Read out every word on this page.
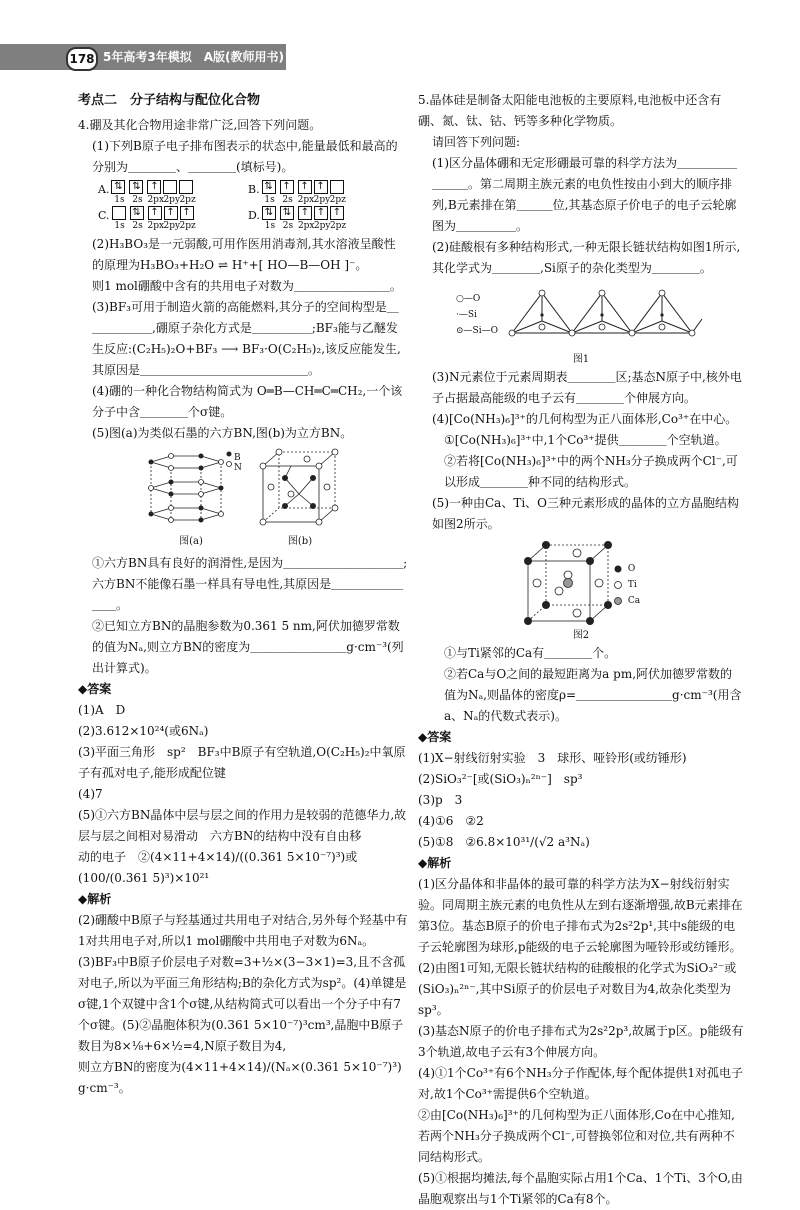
178 5年高考3年模拟　A版(教师用书)

考点二　分子结构与配位化合物

4.硼及其化合物用途非常广泛,回答下列问题。

(1)下列B原子电子排布图表示的状态中,能量最低和最高的分别为＿＿＿＿、＿＿＿＿(填标号)。

A. ⇅ ⇅ ↑
1s 2s 2px 2py 2pz
B. ⇅ ↑ ↑ ↑
1s 2s 2px 2py 2pz
C. ⇅ ↑ ↑ ↑
1s 2s 2px 2py 2pz
D. ⇅ ⇅ ↑ ↑ ↑
1s 2s 2px 2py 2pz

(2)H₃BO₃是一元弱酸,可用作医用消毒剂,其水溶液呈酸性

的原理为H₃BO₃+H₂O ⇌ H⁺+[ HO—B—OH ]⁻。

则1 mol硼酸中含有的共用电子对数为＿＿＿＿＿＿＿＿。

(3)BF₃可用于制造火箭的高能燃料,其分子的空间构型是＿＿＿＿＿＿,硼原子杂化方式是＿＿＿＿＿;BF₃能与乙醚发生反应:(C₂H₅)₂O+BF₃ ⟶ BF₃·O(C₂H₅)₂,该反应能发生,其原因是＿＿＿＿＿＿＿＿＿＿＿＿＿＿。

(4)硼的一种化合物结构简式为 O═B—CH═C═CH₂,一个该分子中含＿＿＿＿个σ键。

(5)图(a)为类似石墨的六方BN,图(b)为立方BN。

B
N
图(a)	图(b)

①六方BN具有良好的润滑性,是因为＿＿＿＿＿＿＿＿＿＿;六方BN不能像石墨一样具有导电性,其原因是＿＿＿＿＿＿＿＿。

②已知立方BN的晶胞参数为0.361 5 nm,阿伏加德罗常数的值为Nₐ,则立方BN的密度为＿＿＿＿＿＿＿＿g·cm⁻³(列出计算式)。

◆答案

(1)A　D

(2)3.612×10²⁴(或6Nₐ)

(3)平面三角形　sp²　BF₃中B原子有空轨道,O(C₂H₅)₂中氧原子有孤对电子,能形成配位键

(4)7

(5)①六方BN晶体中层与层之间的作用力是较弱的范德华力,故层与层之间相对易滑动　六方BN的结构中没有自由移

动的电子　②(4×11+4×14)/((0.361 5×10⁻⁷)³)或(100/(0.361 5)³)×10²¹

◆解析

(2)硼酸中B原子与羟基通过共用电子对结合,另外每个羟基中有1对共用电子对,所以1 mol硼酸中共用电子对数为6Nₐ。(3)BF₃中B原子价层电子对数=3+½×(3−3×1)=3,且不含孤对电子,所以为平面三角形结构;B的杂化方式为sp²。(4)单键是σ键,1个双键中含1个σ键,从结构简式可以看出一个分子中有7个σ键。(5)②晶胞体积为(0.361 5×10⁻⁷)³cm³,晶胞中B原子数目为8×⅛+6×½=4,N原子数目为4,

则立方BN的密度为(4×11+4×14)/(Nₐ×(0.361 5×10⁻⁷)³) g·cm⁻³。

5.晶体硅是制备太阳能电池板的主要原料,电池板中还含有硼、氮、钛、钴、钙等多种化学物质。

请回答下列问题:

(1)区分晶体硼和无定形硼最可靠的科学方法为＿＿＿＿＿＿＿＿。第二周期主族元素的电负性按由小到大的顺序排列,B元素排在第＿＿＿位,其基态原子价电子的电子云轮廓图为＿＿＿＿＿。

(2)硅酸根有多种结构形式,一种无限长链状结构如图1所示,其化学式为＿＿＿＿,Si原子的杂化类型为＿＿＿＿。

○—O
·—Si
⊙—Si—O
图1

(3)N元素位于元素周期表＿＿＿＿区;基态N原子中,核外电子占据最高能级的电子云有＿＿＿＿个伸展方向。

(4)[Co(NH₃)₆]³⁺的几何构型为正八面体形,Co³⁺在中心。

①[Co(NH₃)₆]³⁺中,1个Co³⁺提供＿＿＿＿个空轨道。

②若将[Co(NH₃)₆]³⁺中的两个NH₃分子换成两个Cl⁻,可以形成＿＿＿＿种不同的结构形式。

(5)一种由Ca、Ti、O三种元素形成的晶体的立方晶胞结构如图2所示。

O
Ti
Ca
图2

①与Ti紧邻的Ca有＿＿＿＿个。

②若Ca与O之间的最短距离为a pm,阿伏加德罗常数的值为Nₐ,则晶体的密度ρ=＿＿＿＿＿＿＿＿g·cm⁻³(用含a、Nₐ的代数式表示)。

◆答案

(1)X−射线衍射实验　3　球形、哑铃形(或纺锤形)

(2)SiO₃²⁻[或(SiO₃)ₙ²ⁿ⁻]　sp³

(3)p　3

(4)①6　②2

(5)①8　②6.8×10³¹/(√2 a³Nₐ)

◆解析

(1)区分晶体和非晶体的最可靠的科学方法为X−射线衍射实验。同周期主族元素的电负性从左到右逐渐增强,故B元素排在第3位。基态B原子的价电子排布式为2s²2p¹,其中s能级的电子云轮廓图为球形,p能级的电子云轮廓图为哑铃形或纺锤形。

(2)由图1可知,无限长链状结构的硅酸根的化学式为SiO₃²⁻或(SiO₃)ₙ²ⁿ⁻,其中Si原子的价层电子对数目为4,故杂化类型为sp³。

(3)基态N原子的价电子排布式为2s²2p³,故属于p区。p能级有3个轨道,故电子云有3个伸展方向。

(4)①1个Co³⁺有6个NH₃分子作配体,每个配体提供1对孤电子对,故1个Co³⁺需提供6个空轨道。

②由[Co(NH₃)₆]³⁺的几何构型为正八面体形,Co在中心推知,若两个NH₃分子换成两个Cl⁻,可替换邻位和对位,共有两种不同结构形式。

(5)①根据均摊法,每个晶胞实际占用1个Ca、1个Ti、3个O,由晶胞观察出与1个Ti紧邻的Ca有8个。
